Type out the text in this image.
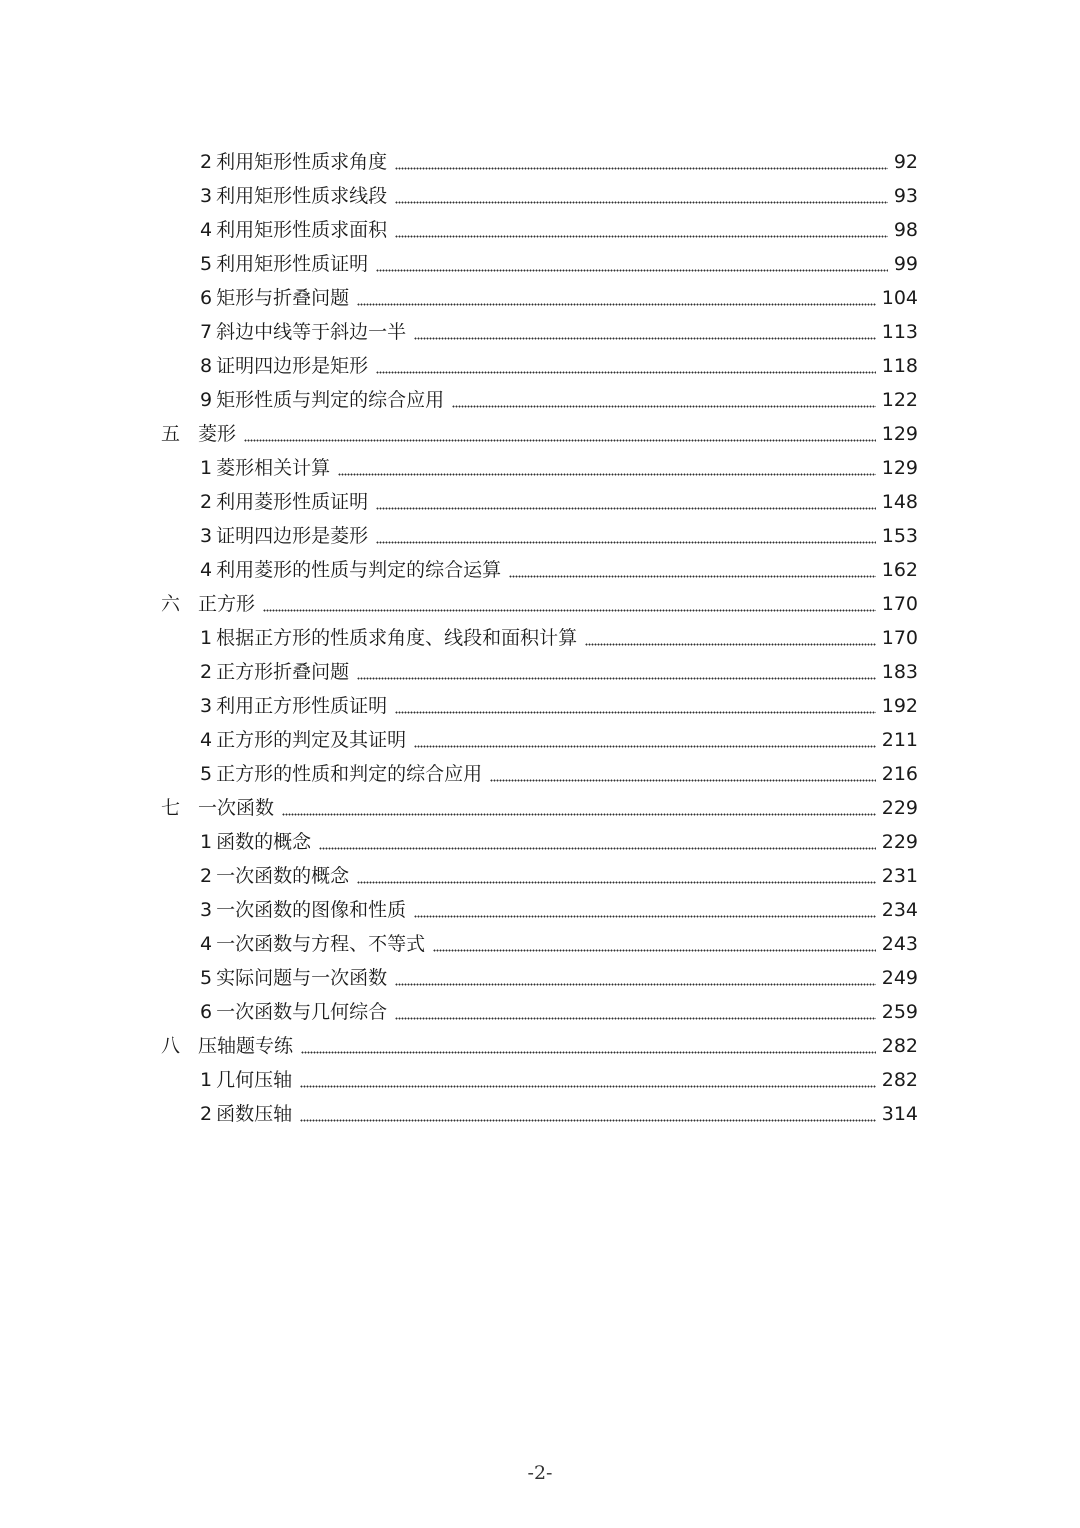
2 利用矩形性质求角度	92
3 利用矩形性质求线段	93
4 利用矩形性质求面积	98
5 利用矩形性质证明	99
6 矩形与折叠问题	104
7 斜边中线等于斜边一半	113
8 证明四边形是矩形	118
9 矩形性质与判定的综合应用	122
五 菱形	129
1 菱形相关计算	129
2 利用菱形性质证明	148
3 证明四边形是菱形	153
4 利用菱形的性质与判定的综合运算	162
六 正方形	170
1 根据正方形的性质求角度、线段和面积计算	170
2 正方形折叠问题	183
3 利用正方形性质证明	192
4 正方形的判定及其证明	211
5 正方形的性质和判定的综合应用	216
七 一次函数	229
1 函数的概念	229
2 一次函数的概念	231
3 一次函数的图像和性质	234
4 一次函数与方程、不等式	243
5 实际问题与一次函数	249
6 一次函数与几何综合	259
八 压轴题专练	282
1 几何压轴	282
2 函数压轴	314
-2-
